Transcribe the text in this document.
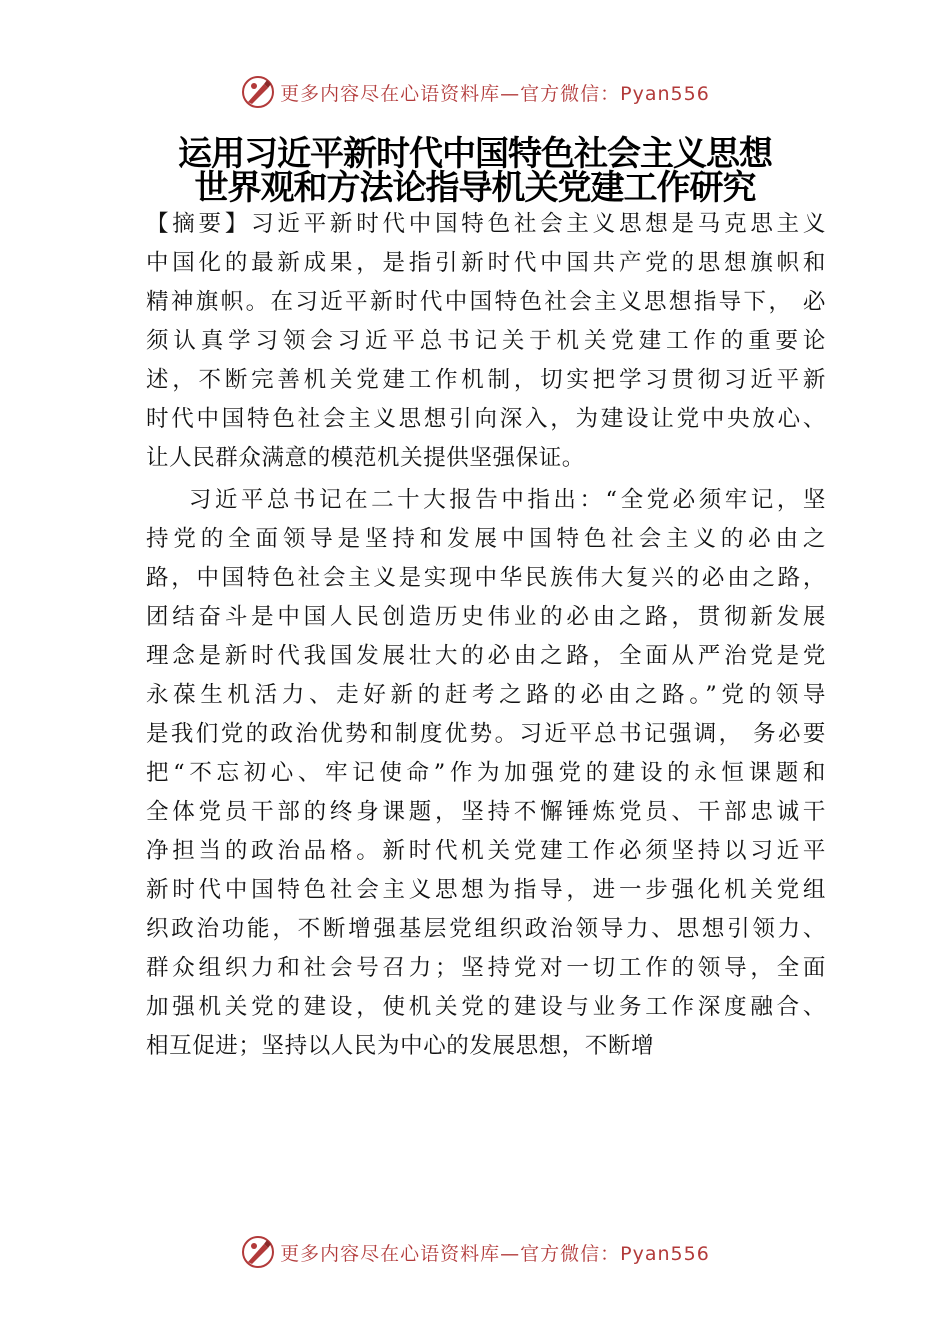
更多内容尽在心语资料库—官方微信：Pyan556
运用习近平新时代中国特色社会主义思想
世界观和方法论指导机关党建工作研究
【摘要】习近平新时代中国特色社会主义思想是马克思主义
中国化的最新成果，是指引新时代中国共产党的思想旗帜和
精神旗帜。在习近平新时代中国特色社会主义思想指导下， 必
须认真学习领会习近平总书记关于机关党建工作的重要论
述，不断完善机关党建工作机制，切实把学习贯彻习近平新
时代中国特色社会主义思想引向深入，为建设让党中央放心、
让人民群众满意的模范机关提供坚强保证。
习近平总书记在二十大报告中指出：“全党必须牢记，坚
持党的全面领导是坚持和发展中国特色社会主义的必由之
路，中国特色社会主义是实现中华民族伟大复兴的必由之路，
团结奋斗是中国人民创造历史伟业的必由之路，贯彻新发展
理念是新时代我国发展壮大的必由之路，全面从严治党是党
永葆生机活力、走好新的赶考之路的必由之路。”党的领导
是我们党的政治优势和制度优势。习近平总书记强调， 务必要
把“不忘初心、牢记使命”作为加强党的建设的永恒课题和
全体党员干部的终身课题，坚持不懈锤炼党员、干部忠诚干
净担当的政治品格。新时代机关党建工作必须坚持以习近平
新时代中国特色社会主义思想为指导，进一步强化机关党组
织政治功能，不断增强基层党组织政治领导力、思想引领力、
群众组织力和社会号召力；坚持党对一切工作的领导，全面
加强机关党的建设，使机关党的建设与业务工作深度融合、
相互促进；坚持以人民为中心的发展思想，不断增
更多内容尽在心语资料库—官方微信：Pyan556
